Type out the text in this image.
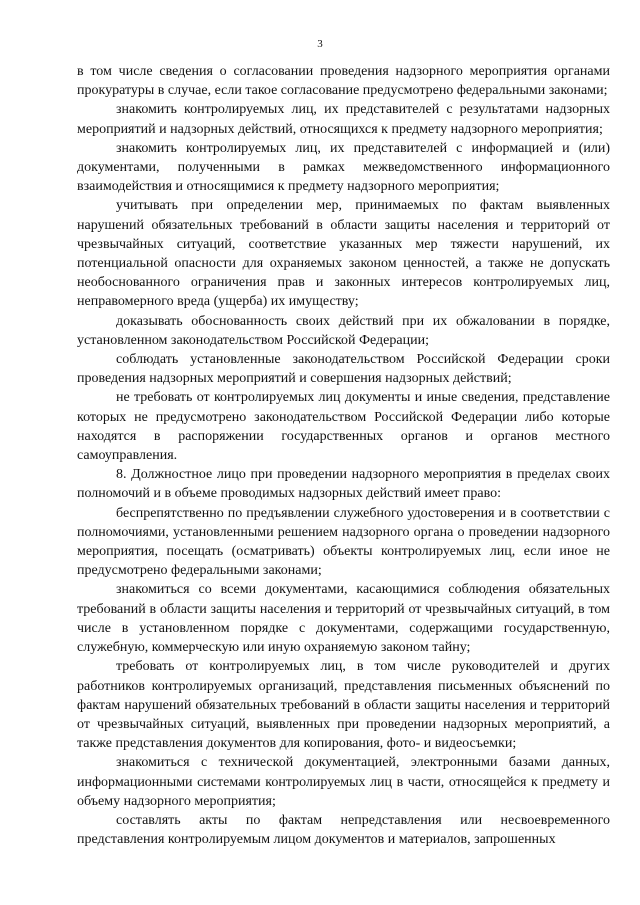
3

в том числе сведения о согласовании проведения надзорного мероприятия органами прокуратуры в случае, если такое согласование предусмотрено федеральными законами;

знакомить контролируемых лиц, их представителей с результатами надзорных мероприятий и надзорных действий, относящихся к предмету надзорного мероприятия;

знакомить контролируемых лиц, их представителей с информацией и (или) документами, полученными в рамках межведомственного информационного взаимодействия и относящимися к предмету надзорного мероприятия;

учитывать при определении мер, принимаемых по фактам выявленных нарушений обязательных требований в области защиты населения и территорий от чрезвычайных ситуаций, соответствие указанных мер тяжести нарушений, их потенциальной опасности для охраняемых законом ценностей, а также не допускать необоснованного ограничения прав и законных интересов контролируемых лиц, неправомерного вреда (ущерба) их имуществу;

доказывать обоснованность своих действий при их обжаловании в порядке, установленном законодательством Российской Федерации;

соблюдать установленные законодательством Российской Федерации сроки проведения надзорных мероприятий и совершения надзорных действий;

не требовать от контролируемых лиц документы и иные сведения, представление которых не предусмотрено законодательством Российской Федерации либо которые находятся в распоряжении государственных органов и органов местного самоуправления.

8. Должностное лицо при проведении надзорного мероприятия в пределах своих полномочий и в объеме проводимых надзорных действий имеет право:

беспрепятственно по предъявлении служебного удостоверения и в соответствии с полномочиями, установленными решением надзорного органа о проведении надзорного мероприятия, посещать (осматривать) объекты контролируемых лиц, если иное не предусмотрено федеральными законами;

знакомиться со всеми документами, касающимися соблюдения обязательных требований в области защиты населения и территорий от чрезвычайных ситуаций, в том числе в установленном порядке с документами, содержащими государственную, служебную, коммерческую или иную охраняемую законом тайну;

требовать от контролируемых лиц, в том числе руководителей и других работников контролируемых организаций, представления письменных объяснений по фактам нарушений обязательных требований в области защиты населения и территорий от чрезвычайных ситуаций, выявленных при проведении надзорных мероприятий, а также представления документов для копирования, фото- и видеосъемки;

знакомиться с технической документацией, электронными базами данных, информационными системами контролируемых лиц в части, относящейся к предмету и объему надзорного мероприятия;

составлять акты по фактам непредставления или несвоевременного представления контролируемым лицом документов и материалов, запрошенных
